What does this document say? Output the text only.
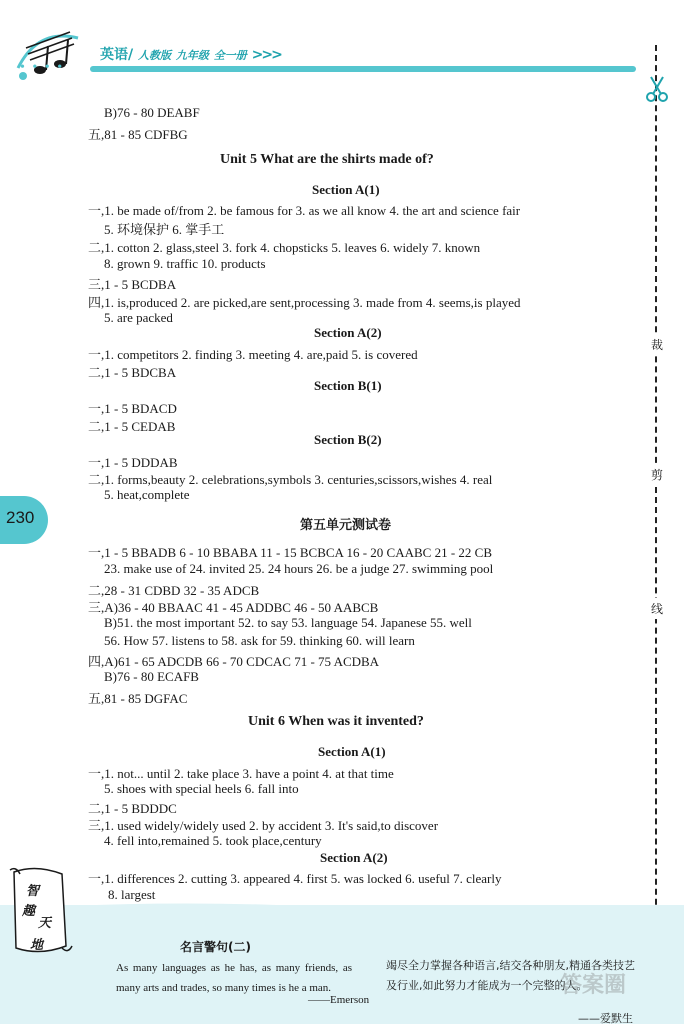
• • • •
英语/ 人教版 九年级 全一册 >>>
裁
剪
线
230
B)76 - 80 DEABF
五,81 - 85 CDFBG
Unit 5 What are the shirts made of?
Section A(1)
一,1. be made of/from 2. be famous for 3. as we all know 4. the art and science fair
5. 环境保护 6. 掌手工
二,1. cotton 2. glass,steel 3. fork 4. chopsticks 5. leaves 6. widely 7. known
8. grown 9. traffic 10. products
三,1 - 5 BCDBA
四,1. is,produced 2. are picked,are sent,processing 3. made from 4. seems,is played
5. are packed
Section A(2)
一,1. competitors 2. finding 3. meeting 4. are,paid 5. is covered
二,1 - 5 BDCBA
Section B(1)
一,1 - 5 BDACD
二,1 - 5 CEDAB
Section B(2)
一,1 - 5 DDDAB
二,1. forms,beauty 2. celebrations,symbols 3. centuries,scissors,wishes 4. real
5. heat,complete
第五单元测试卷
一,1 - 5 BBADB 6 - 10 BBABA 11 - 15 BCBCA 16 - 20 CAABC 21 - 22 CB
23. make use of 24. invited 25. 24 hours 26. be a judge 27. swimming pool
二,28 - 31 CDBD 32 - 35 ADCB
三,A)36 - 40 BBAAC 41 - 45 ADDBC 46 - 50 AABCB
B)51. the most important 52. to say 53. language 54. Japanese 55. well
56. How 57. listens to 58. ask for 59. thinking 60. will learn
四,A)61 - 65 ADCDB 66 - 70 CDCAC 71 - 75 ACDBA
B)76 - 80 ECAFB
五,81 - 85 DGFAC
Unit 6 When was it invented?
Section A(1)
一,1. not... until 2. take place 3. have a point 4. at that time
5. shoes with special heels 6. fall into
二,1 - 5 BDDDC
三,1. used widely/widely used 2. by accident 3. It's said,to discover
4. fell into,remained 5. took place,century
Section A(2)
一,1. differences 2. cutting 3. appeared 4. first 5. was locked 6. useful 7. clearly
8. largest
智
趣
天
地	名言警句(二)
As many languages as he has, as many friends, as many arts and trades, so many times is he a man.
——Emerson
竭尽全力掌握各种语言,结交各种朋友,精通各类技艺及行业,如此努力才能成为一个完整的人。
——爱默生
答案圈
